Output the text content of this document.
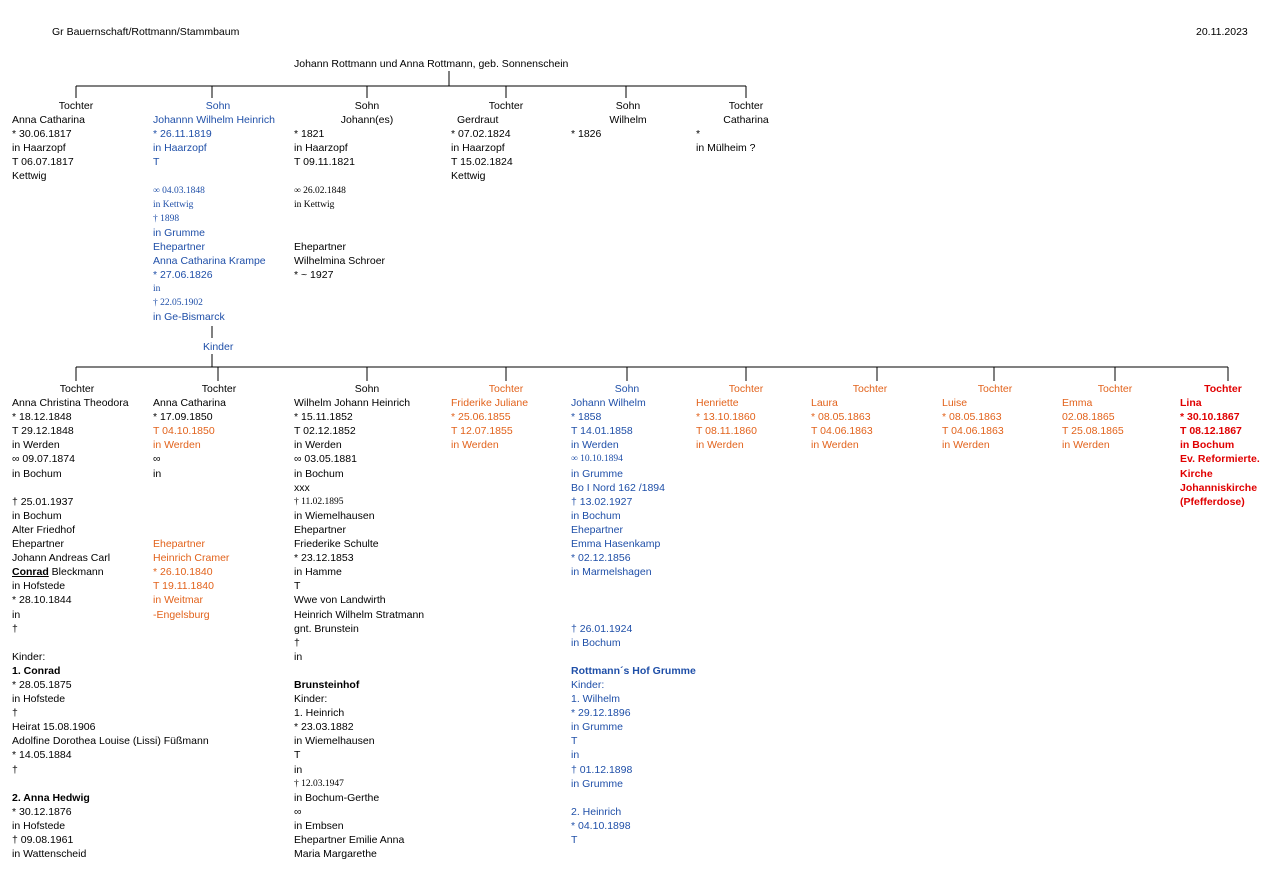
Gr Bauernschaft/Rottmann/Stammbaum	20.11.2023
Johann Rottmann und Anna Rottmann, geb. Sonnenschein
Kinder
Tochter
Anna Catharina
* 30.06.1817
in Haarzopf
T 06.07.1817
Kettwig
Sohn
Johannn Wilhelm Heinrich
* 26.11.1819
in Haarzopf
T
∞ 04.03.1848
in Kettwig
† 1898
in Grumme
Ehepartner
Anna Catharina Krampe
* 27.06.1826
in
† 22.05.1902
in Ge-Bismarck
Sohn
Johann(es)
* 1821
in Haarzopf
T 09.11.1821
∞ 26.02.1848
in Kettwig
Ehepartner
Wilhelmina Schroer
* ~ 1927
Tochter
Gerdraut
* 07.02.1824
in Haarzopf
T 15.02.1824
Kettwig
Sohn
Wilhelm
* 1826
Tochter
Catharina
*
in Mülheim ?
Tochter
Anna Christina Theodora
* 18.12.1848
T 29.12.1848
in Werden
∞ 09.07.1874
in Bochum
† 25.01.1937
in Bochum
Alter Friedhof
Ehepartner
Johann Andreas Carl
Conrad Bleckmann
in Hofstede
* 28.10.1844
in
†
Kinder:
1. Conrad
* 28.05.1875
in Hofstede
†
Heirat 15.08.1906
Adolfine Dorothea Louise (Lissi) Füßmann
* 14.05.1884
†
2. Anna Hedwig
* 30.12.1876
in Hofstede
† 09.08.1961
in Wattenscheid
Tochter
Anna Catharina
* 17.09.1850
T 04.10.1850
in Werden
∞
in
Ehepartner
Heinrich Cramer
* 26.10.1840
T 19.11.1840
in Weitmar
-Engelsburg
Sohn
Wilhelm Johann Heinrich
* 15.11.1852
T 02.12.1852
in Werden
∞ 03.05.1881
in Bochum
xxx
† 11.02.1895
in Wiemelhausen
Ehepartner
Friederike Schulte
* 23.12.1853
in Hamme
T
Wwe von Landwirth
Heinrich Wilhelm Stratmann
gnt. Brunstein
†
in
Brunsteinhof
Kinder:
1. Heinrich
* 23.03.1882
in Wiemelhausen
T
in
† 12.03.1947
in Bochum-Gerthe
∞
in Embsen
Ehepartner Emilie Anna
Maria Margarethe
Tochter
Friderike Juliane
* 25.06.1855
T 12.07.1855
in Werden
Sohn
Johann Wilhelm
* 1858
T 14.01.1858
in Werden
∞ 10.10.1894
in Grumme
Bo I Nord 162 /1894
† 13.02.1927
in Bochum
Ehepartner
Emma Hasenkamp
* 02.12.1856
in Marmelshagen
† 26.01.1924
in Bochum
Rottmann´s Hof Grumme
Kinder:
1. Wilhelm
* 29.12.1896
in Grumme
T
in
† 01.12.1898
in Grumme
2. Heinrich
* 04.10.1898
T
Tochter
Henriette
* 13.10.1860
T 08.11.1860
in Werden
Tochter
Laura
* 08.05.1863
T 04.06.1863
in Werden
Tochter
Luise
* 08.05.1863
T 04.06.1863
in Werden
Tochter
Emma
02.08.1865
T 25.08.1865
in Werden
Tochter
Lina
* 30.10.1867
T 08.12.1867
in Bochum
Ev. Reformierte.
Kirche
Johanniskirche
(Pfefferdose)
